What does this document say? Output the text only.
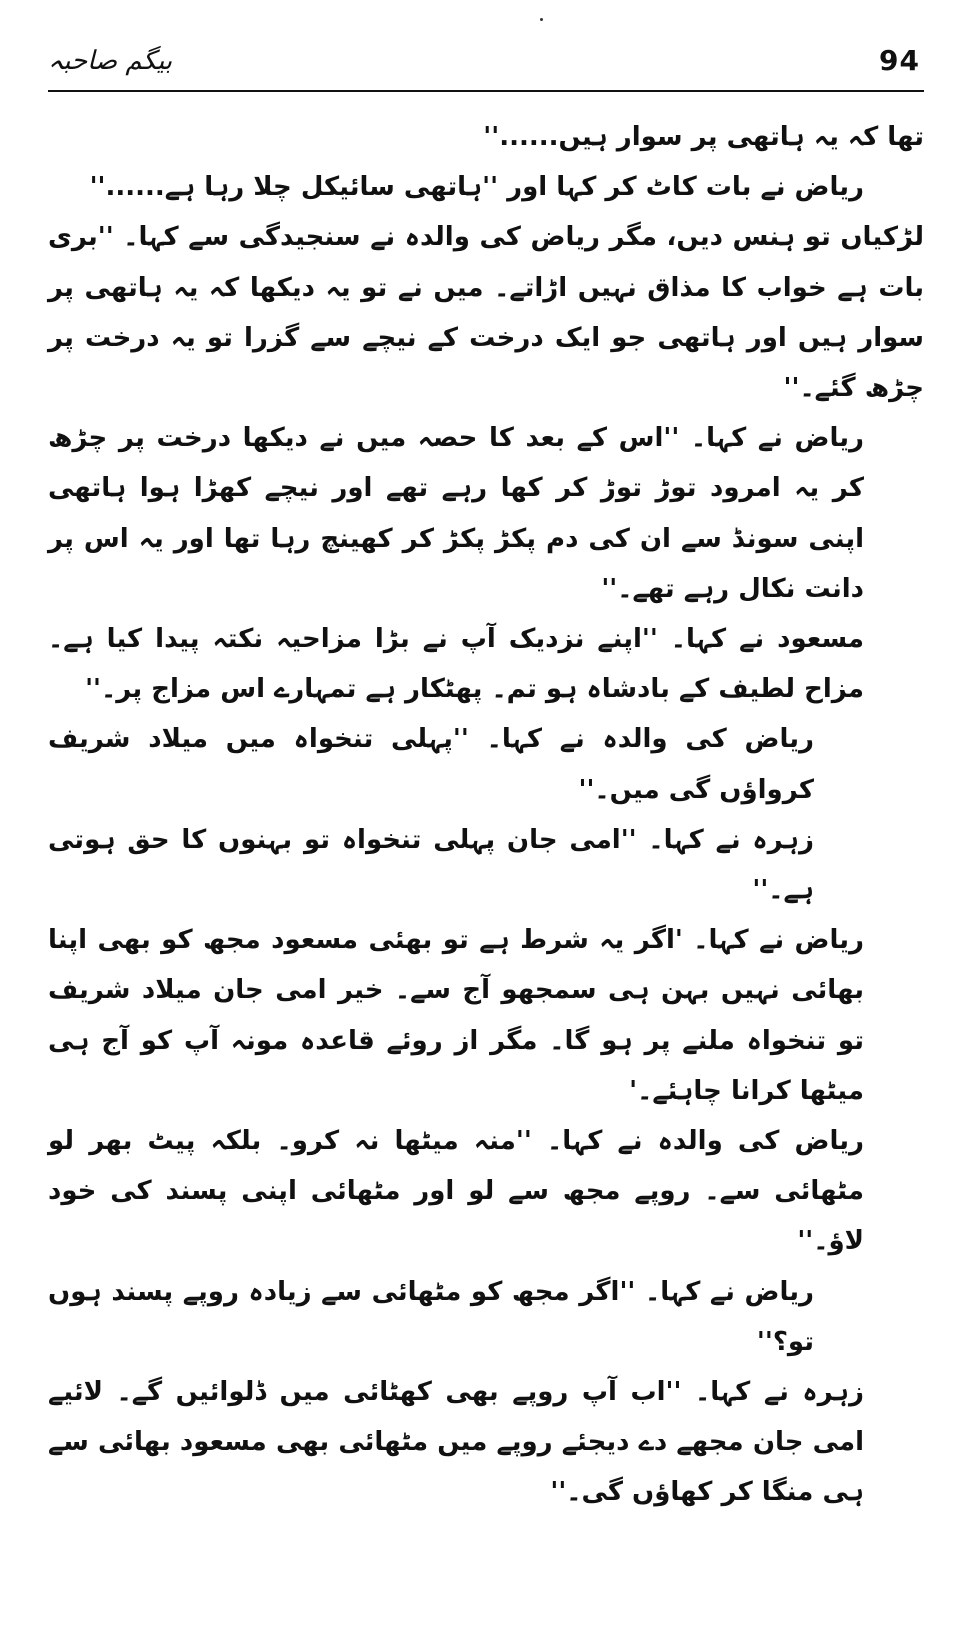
بیگم صاحبہ	94

تھا کہ یہ ہاتھی پر سوار ہیں......''

ریاض نے بات کاٹ کر کہا اور ''ہاتھی سائیکل چلا رہا ہے......''

لڑکیاں تو ہنس دیں، مگر ریاض کی والدہ نے سنجیدگی سے کہا۔ ''بری بات ہے خواب کا مذاق نہیں اڑاتے۔ میں نے تو یہ دیکھا کہ یہ ہاتھی پر سوار ہیں اور ہاتھی جو ایک درخت کے نیچے سے گزرا تو یہ درخت پر چڑھ گئے۔''

ریاض نے کہا۔ ''اس کے بعد کا حصہ میں نے دیکھا درخت پر چڑھ کر یہ امرود توڑ توڑ کر کھا رہے تھے اور نیچے کھڑا ہوا ہاتھی اپنی سونڈ سے ان کی دم پکڑ پکڑ کر کھینچ رہا تھا اور یہ اس پر دانت نکال رہے تھے۔''

مسعود نے کہا۔ ''اپنے نزدیک آپ نے بڑا مزاحیہ نکتہ پیدا کیا ہے۔ مزاح لطیف کے بادشاہ ہو تم۔ پھٹکار ہے تمہارے اس مزاج پر۔''

ریاض کی والدہ نے کہا۔ ''پہلی تنخواہ میں میلاد شریف کرواؤں گی میں۔''

زہرہ نے کہا۔ ''امی جان پہلی تنخواہ تو بہنوں کا حق ہوتی ہے۔''

ریاض نے کہا۔ 'اگر یہ شرط ہے تو بھئی مسعود مجھ کو بھی اپنا بھائی نہیں بہن ہی سمجھو آج سے۔ خیر امی جان میلاد شریف تو تنخواہ ملنے پر ہو گا۔ مگر از روئے قاعدہ مونہ آپ کو آج ہی میٹھا کرانا چاہئے۔'

ریاض کی والدہ نے کہا۔ ''منہ میٹھا نہ کرو۔ بلکہ پیٹ بھر لو مٹھائی سے۔ روپے مجھ سے لو اور مٹھائی اپنی پسند کی خود لاؤ۔''

ریاض نے کہا۔ ''اگر مجھ کو مٹھائی سے زیادہ روپے پسند ہوں تو؟''

زہرہ نے کہا۔ ''اب آپ روپے بھی کھٹائی میں ڈلوائیں گے۔ لائیے امی جان مجھے دے دیجئے روپے میں مٹھائی بھی مسعود بھائی سے ہی منگا کر کھاؤں گی۔''
